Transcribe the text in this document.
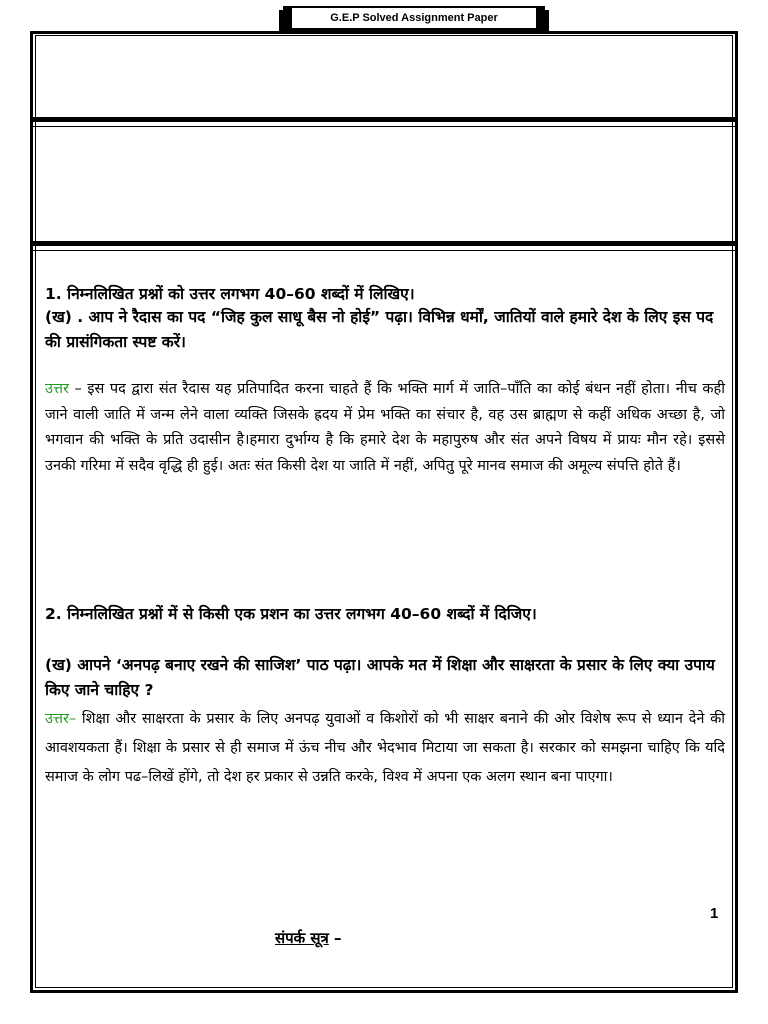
G.E.P Solved Assignment Paper
1. निम्नलिखित प्रश्नों को उत्तर लगभग 40–60 शब्दों में लिखिए।
(ख) . आप ने रैदास का पद “जिह कुल साधू बैस नो होई” पढ़ा। विभिन्न धर्मों, जातियों वाले हमारे देश के लिए इस पद की प्रासंगिकता स्पष्ट करें।
उत्तर – इस पद द्वारा संत रैदास यह प्रतिपादित करना चाहते हैं कि भक्ति मार्ग में जाति–पाँति का कोई बंधन नहीं होता। नीच कही जाने वाली जाति में जन्म लेने वाला व्यक्ति जिसके ह्रदय में प्रेम भक्ति का संचार है, वह उस ब्राह्मण से कहीं अधिक अच्छा है, जो भगवान की भक्ति के प्रति उदासीन है।हमारा दुर्भाग्य है कि हमारे देश के महापुरुष और संत अपने विषय में प्रायः मौन रहे। इससे उनकी गरिमा में सदैव वृद्धि ही हुई। अतः संत किसी देश या जाति में नहीं, अपितु पूरे मानव समाज की अमूल्य संपत्ति होते हैं।
2. निम्नलिखित प्रश्नों में से किसी एक प्रशन का उत्तर लगभग 40–60 शब्दों में दिजिए।
(ख) आपने ‘अनपढ़ बनाए रखने की साजिश’ पाठ पढ़ा। आपके मत में शिक्षा और साक्षरता के प्रसार के लिए क्या उपाय किए जाने चाहिए ?
उत्तर– शिक्षा और साक्षरता के प्रसार के लिए अनपढ़ युवाओं व किशोरों को भी साक्षर बनाने की ओर विशेष रूप से ध्यान देने की आवशयकता हैं। शिक्षा के प्रसार से ही समाज में ऊंच नीच और भेदभाव मिटाया जा सकता है। सरकार को समझना चाहिए कि यदि समाज के लोग पढ–लिखें होंगे, तो देश हर प्रकार से उन्नति करके, विश्व में अपना एक अलग स्थान बना पाएगा।
1
संपर्क सूत्र –
